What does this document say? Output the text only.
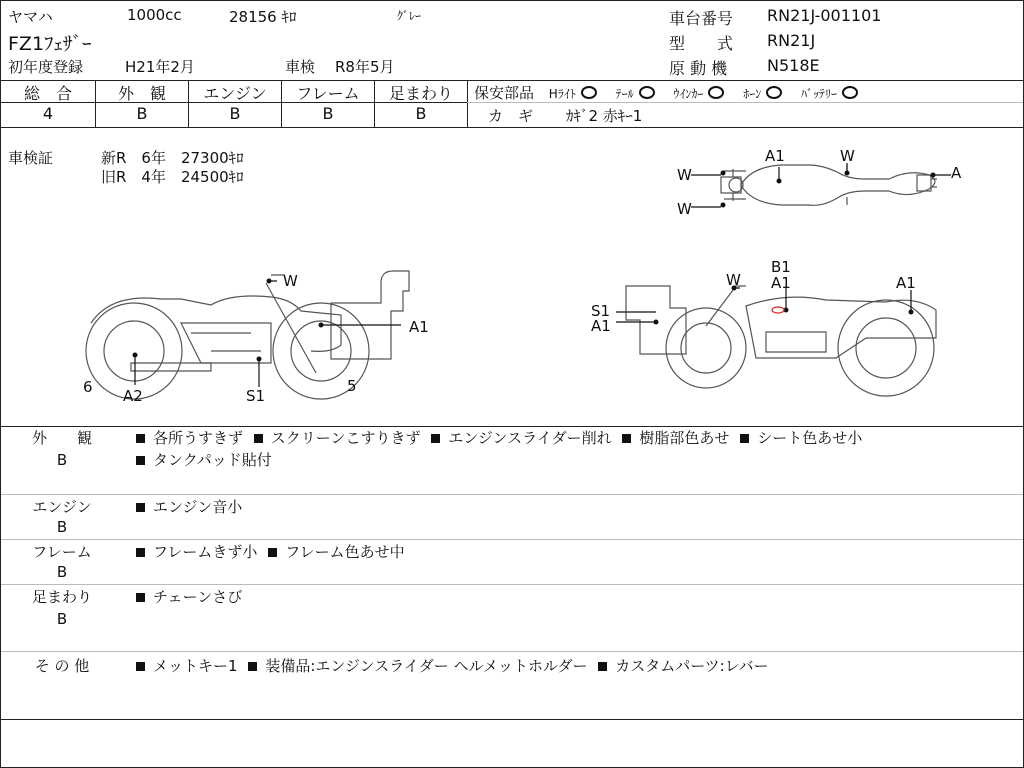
ヤマハ	1000cc	28156 ｷﾛ	ｸﾞﾚｰ
FZ1ﾌｪｻﾞｰ
初年度登録	H21年2月	車検 R8年5月
車台番号 RN21J-001101
型　　式 RN21J
原 動 機 N518E
総　合	外　観	エンジン	フレーム	足まわり
4	B	B	B	B
保安部品 Hﾗｲﾄ	ﾃｰﾙ	ｳｲﾝｶｰ	ﾎｰﾝ	ﾊﾞｯﾃﾘｰ
カ　ギ ｶｷﾞ2 赤ｷｰ1
車検証	新R　6年　27300ｷﾛ
旧R　4年　24500ｷﾛ	W
W
A1	W
A
W
A1
6 A2	S1
5
W
B1
A1	A1
S1
A1
外　　観
B
各所うすきず スクリーンこすりきず エンジンスライダー削れ 樹脂部色あせ シート色あせ小
タンクパッド貼付
エンジン
B
エンジン音小
フレーム
B
フレームきず小 フレーム色あせ中
足まわり
B
チェーンさび
そ の 他	メットキー1 装備品:エンジンスライダー ヘルメットホルダー カスタムパーツ:レバー
